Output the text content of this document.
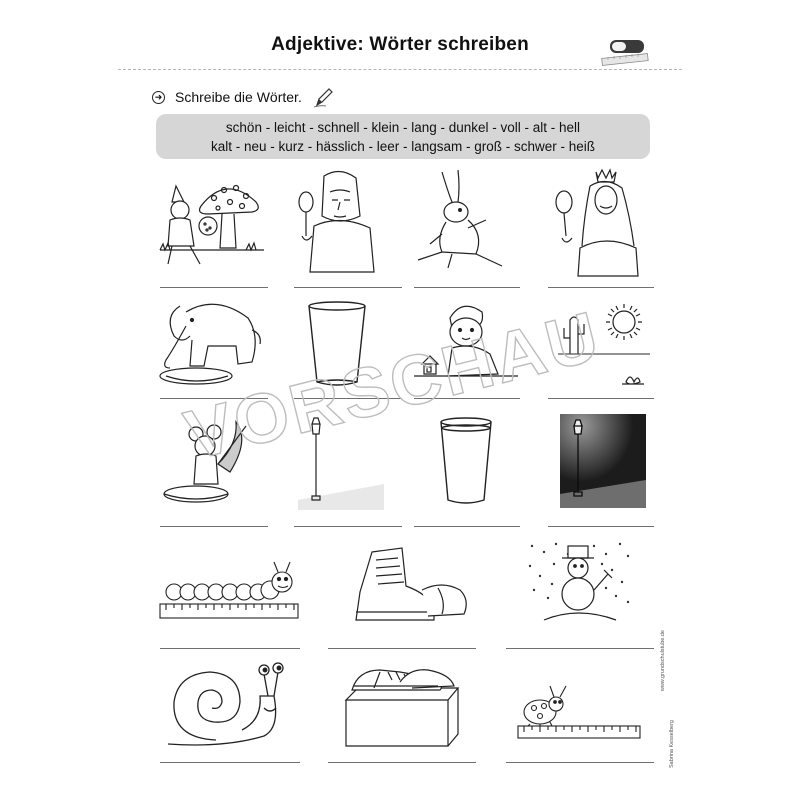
Adjektive: Wörter schreiben
➜ Schreibe die Wörter.
schön - leicht - schnell - klein - lang - dunkel - voll - alt - hell
kalt - neu - kurz - hässlich - leer - langsam - groß - schwer - heiß
VORSCHAU
www.grundschulstube.de
Sabrina Kesselberg
